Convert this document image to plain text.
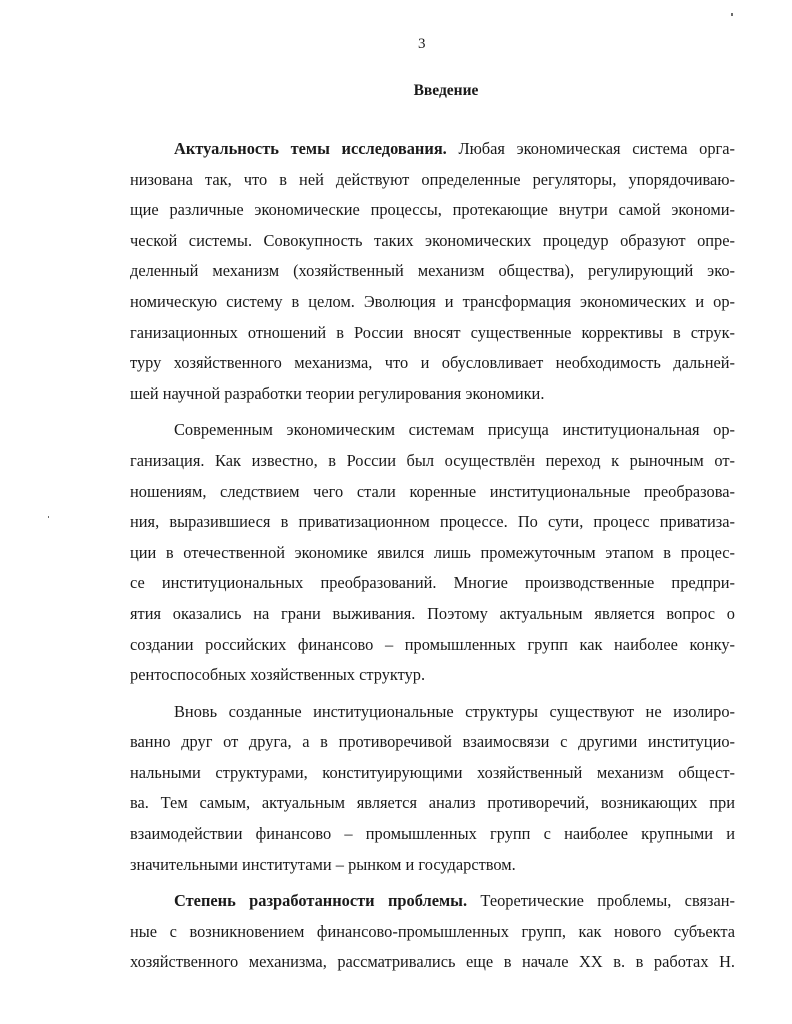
3
Введение
Актуальность темы исследования. Любая экономическая система орга-
низована так, что в ней действуют определенные регуляторы, упорядочиваю-
щие различные экономические процессы, протекающие внутри самой экономи-
ческой системы. Совокупность таких экономических процедур образуют опре-
деленный механизм (хозяйственный механизм общества), регулирующий эко-
номическую систему в целом. Эволюция и трансформация экономических и ор-
ганизационных отношений в России вносят существенные коррективы в струк-
туру хозяйственного механизма, что и обусловливает необходимость дальней-
шей научной разработки теории регулирования экономики.
Современным экономическим системам присуща институциональная ор-
ганизация. Как известно, в России был осуществлён переход к рыночным от-
ношениям, следствием чего стали коренные институциональные преобразова-
ния, выразившиеся в приватизационном процессе. По сути, процесс приватиза-
ции в отечественной экономике явился лишь промежуточным этапом в процес-
се институциональных преобразований. Многие производственные предпри-
ятия оказались на грани выживания. Поэтому актуальным является вопрос о
создании российских финансово – промышленных групп как наиболее конку-
рентоспособных хозяйственных структур.
Вновь созданные институциональные структуры существуют не изолиро-
ванно друг от друга, а в противоречивой взаимосвязи с другими институцио-
нальными структурами, конституирующими хозяйственный механизм общест-
ва. Тем самым, актуальным является анализ противоречий, возникающих при
взаимодействии финансово – промышленных групп с наиболее крупными и
значительными институтами – рынком и государством.
Степень разработанности проблемы. Теоретические проблемы, связан-
ные с возникновением финансово-промышленных групп, как нового субъекта
хозяйственного механизма, рассматривались еще в начале XX в. в работах Н.
